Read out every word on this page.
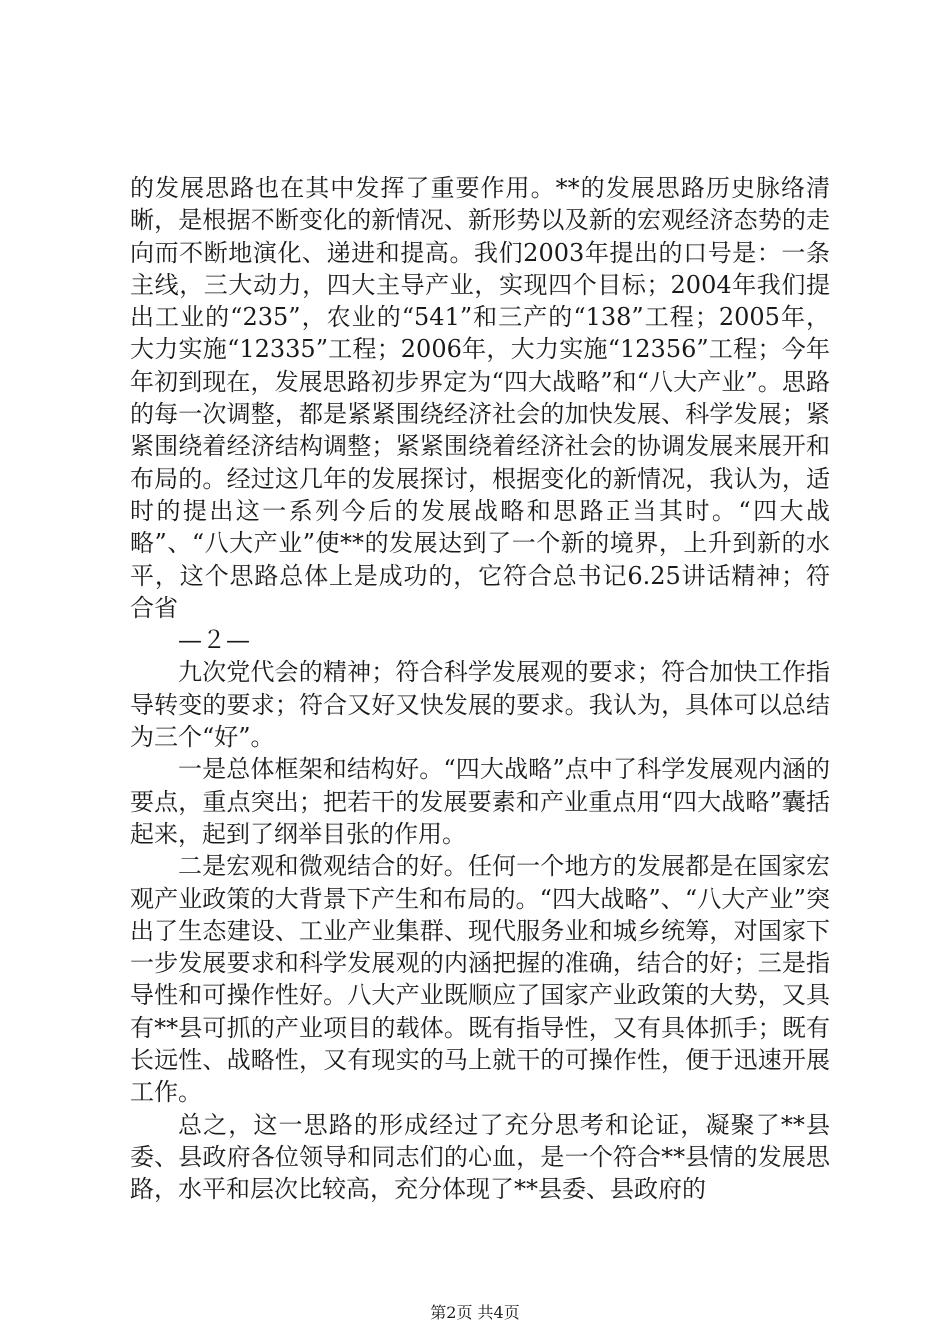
的发展思路也在其中发挥了重要作用。**的发展思路历史脉络清晰，是根据不断变化的新情况、新形势以及新的宏观经济态势的走向而不断地演化、递进和提高。我们2003年提出的口号是：一条主线，三大动力，四大主导产业，实现四个目标；2004年我们提出工业的“235”，农业的“541”和三产的“138”工程；2005年，大力实施“12335”工程；2006年，大力实施“12356”工程；今年年初到现在，发展思路初步界定为“四大战略”和“八大产业”。思路的每一次调整，都是紧紧围绕经济社会的加快发展、科学发展；紧紧围绕着经济结构调整；紧紧围绕着经济社会的协调发展来展开和布局的。经过这几年的发展探讨，根据变化的新情况，我认为，适时的提出这一系列今后的发展战略和思路正当其时。“四大战略”、“八大产业”使**的发展达到了一个新的境界，上升到新的水平，这个思路总体上是成功的，它符合总书记6.25讲话精神；符合省

—２—

九次党代会的精神；符合科学发展观的要求；符合加快工作指导转变的要求；符合又好又快发展的要求。我认为，具体可以总结为三个“好”。

一是总体框架和结构好。“四大战略”点中了科学发展观内涵的要点，重点突出；把若干的发展要素和产业重点用“四大战略”囊括起来，起到了纲举目张的作用。

二是宏观和微观结合的好。任何一个地方的发展都是在国家宏观产业政策的大背景下产生和布局的。“四大战略”、“八大产业”突出了生态建设、工业产业集群、现代服务业和城乡统筹，对国家下一步发展要求和科学发展观的内涵把握的准确，结合的好；三是指导性和可操作性好。八大产业既顺应了国家产业政策的大势，又具有**县可抓的产业项目的载体。既有指导性，又有具体抓手；既有长远性、战略性，又有现实的马上就干的可操作性，便于迅速开展工作。

总之，这一思路的形成经过了充分思考和论证，凝聚了**县委、县政府各位领导和同志们的心血，是一个符合**县情的发展思路，水平和层次比较高，充分体现了**县委、县政府的

第2页 共4页
